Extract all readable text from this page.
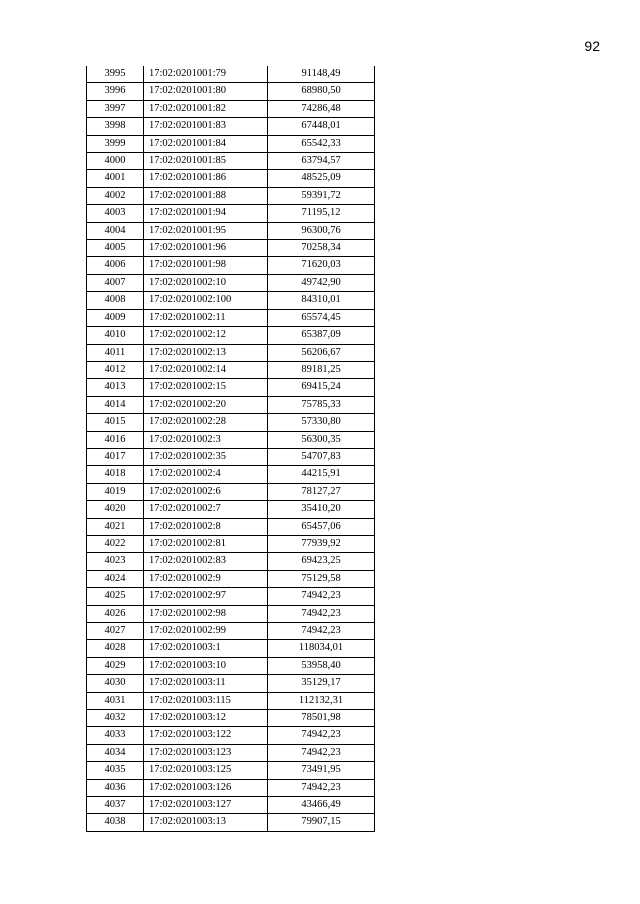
92
3995	17:02:0201001:79	91148,49
3996	17:02:0201001:80	68980,50
3997	17:02:0201001:82	74286,48
3998	17:02:0201001:83	67448,01
3999	17:02:0201001:84	65542,33
4000	17:02:0201001:85	63794,57
4001	17:02:0201001:86	48525,09
4002	17:02:0201001:88	59391,72
4003	17:02:0201001:94	71195,12
4004	17:02:0201001:95	96300,76
4005	17:02:0201001:96	70258,34
4006	17:02:0201001:98	71620,03
4007	17:02:0201002:10	49742,90
4008	17:02:0201002:100	84310,01
4009	17:02:0201002:11	65574,45
4010	17:02:0201002:12	65387,09
4011	17:02:0201002:13	56206,67
4012	17:02:0201002:14	89181,25
4013	17:02:0201002:15	69415,24
4014	17:02:0201002:20	75785,33
4015	17:02:0201002:28	57330,80
4016	17:02:0201002:3	56300,35
4017	17:02:0201002:35	54707,83
4018	17:02:0201002:4	44215,91
4019	17:02:0201002:6	78127,27
4020	17:02:0201002:7	35410,20
4021	17:02:0201002:8	65457,06
4022	17:02:0201002:81	77939,92
4023	17:02:0201002:83	69423,25
4024	17:02:0201002:9	75129,58
4025	17:02:0201002:97	74942,23
4026	17:02:0201002:98	74942,23
4027	17:02:0201002:99	74942,23
4028	17:02:0201003:1	118034,01
4029	17:02:0201003:10	53958,40
4030	17:02:0201003:11	35129,17
4031	17:02:0201003:115	112132,31
4032	17:02:0201003:12	78501,98
4033	17:02:0201003:122	74942,23
4034	17:02:0201003:123	74942,23
4035	17:02:0201003:125	73491,95
4036	17:02:0201003:126	74942,23
4037	17:02:0201003:127	43466,49
4038	17:02:0201003:13	79907,15
